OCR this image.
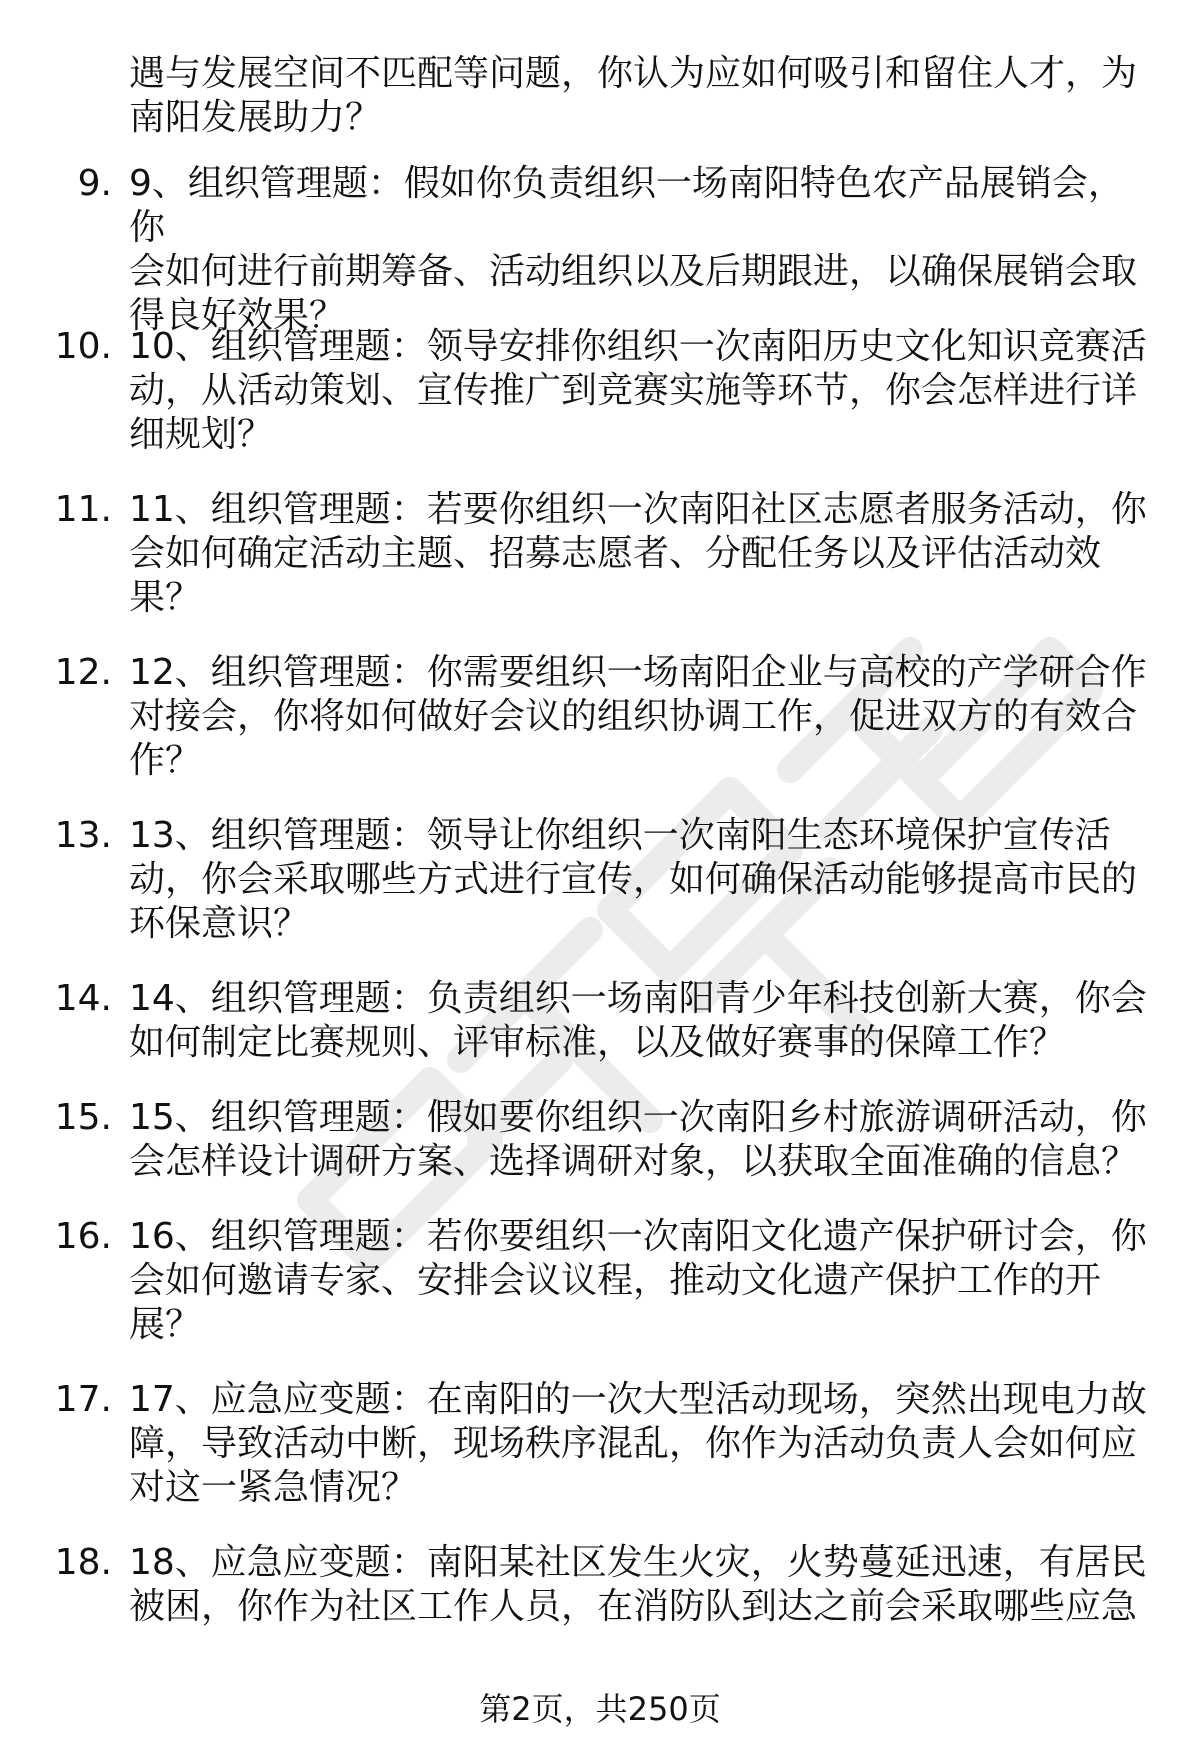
遇与发展空间不匹配等问题，你认为应如何吸引和留住人才，为
南阳发展助力？

9. 9、组织管理题：假如你负责组织一场南阳特色农产品展销会，你
会如何进行前期筹备、活动组织以及后期跟进，以确保展销会取
得良好效果？

10. 10、组织管理题：领导安排你组织一次南阳历史文化知识竞赛活
动，从活动策划、宣传推广到竞赛实施等环节，你会怎样进行详
细规划？

11. 11、组织管理题：若要你组织一次南阳社区志愿者服务活动，你
会如何确定活动主题、招募志愿者、分配任务以及评估活动效
果？

12. 12、组织管理题：你需要组织一场南阳企业与高校的产学研合作
对接会，你将如何做好会议的组织协调工作，促进双方的有效合
作？

13. 13、组织管理题：领导让你组织一次南阳生态环境保护宣传活
动，你会采取哪些方式进行宣传，如何确保活动能够提高市民的
环保意识？

14. 14、组织管理题：负责组织一场南阳青少年科技创新大赛，你会
如何制定比赛规则、评审标准，以及做好赛事的保障工作？

15. 15、组织管理题：假如要你组织一次南阳乡村旅游调研活动，你
会怎样设计调研方案、选择调研对象，以获取全面准确的信息？

16. 16、组织管理题：若你要组织一次南阳文化遗产保护研讨会，你
会如何邀请专家、安排会议议程，推动文化遗产保护工作的开
展？

17. 17、应急应变题：在南阳的一次大型活动现场，突然出现电力故
障，导致活动中断，现场秩序混乱，你作为活动负责人会如何应
对这一紧急情况？

18. 18、应急应变题：南阳某社区发生火灾，火势蔓延迅速，有居民
被困，你作为社区工作人员，在消防队到达之前会采取哪些应急

第2页，共250页
